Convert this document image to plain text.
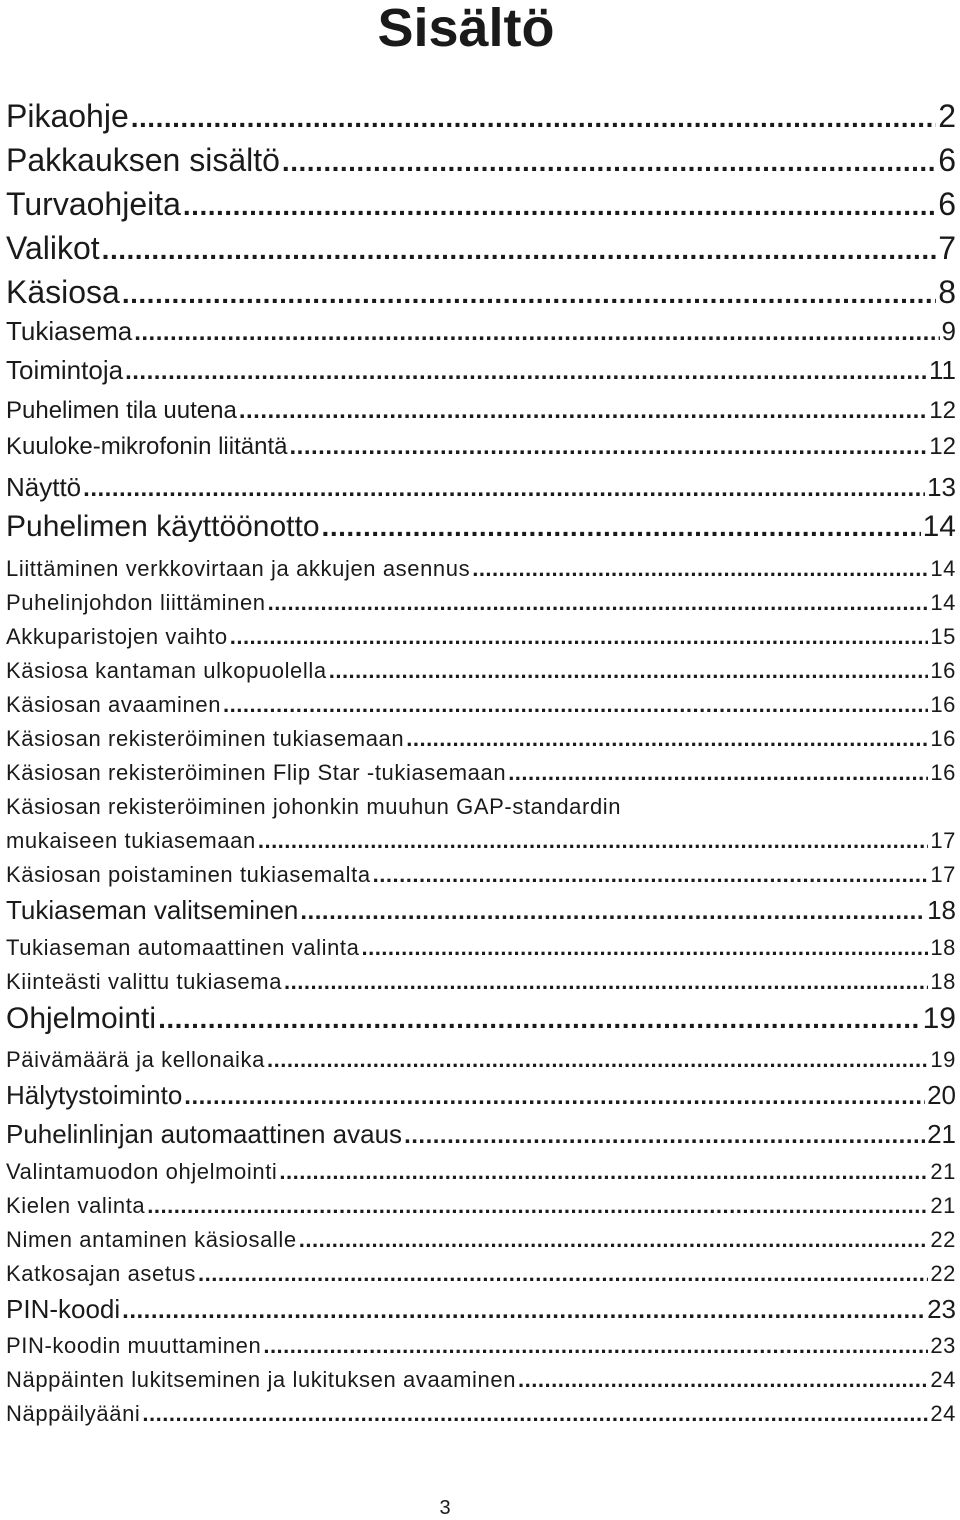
Sisältö
Pikaohje .....	2
Pakkauksen sisältö .....	6
Turvaohjeita .....	6
Valikot .....	7
Käsiosa .....	8
Tukiasema .....	9
Toimintoja .....	11
Puhelimen tila uutena .....	12
Kuuloke-mikrofonin liitäntä .....	12
Näyttö .....	13
Puhelimen käyttöönotto .....	14
Liittäminen verkkovirtaan ja akkujen asennus .....	14
Puhelinjohdon liittäminen .....	14
Akkuparistojen vaihto .....	15
Käsiosa kantaman ulkopuolella .....	16
Käsiosan avaaminen .....	16
Käsiosan rekisteröiminen tukiasemaan .....	16
Käsiosan rekisteröiminen Flip Star -tukiasemaan .....	16
Käsiosan rekisteröiminen johonkin muuhun GAP-standardin
mukaiseen tukiasemaan .....	17
Käsiosan poistaminen tukiasemalta .....	17
Tukiaseman valitseminen .....	18
Tukiaseman automaattinen valinta .....	18
Kiinteästi valittu tukiasema .....	18
Ohjelmointi .....	19
Päivämäärä ja kellonaika .....	19
Hälytystoiminto .....	20
Puhelinlinjan automaattinen avaus .....	21
Valintamuodon ohjelmointi .....	21
Kielen valinta .....	21
Nimen antaminen käsiosalle .....	22
Katkosajan asetus .....	22
PIN-koodi .....	23
PIN-koodin muuttaminen .....	23
Näppäinten lukitseminen ja lukituksen avaaminen .....	24
Näppäilyääni .....	24
3
